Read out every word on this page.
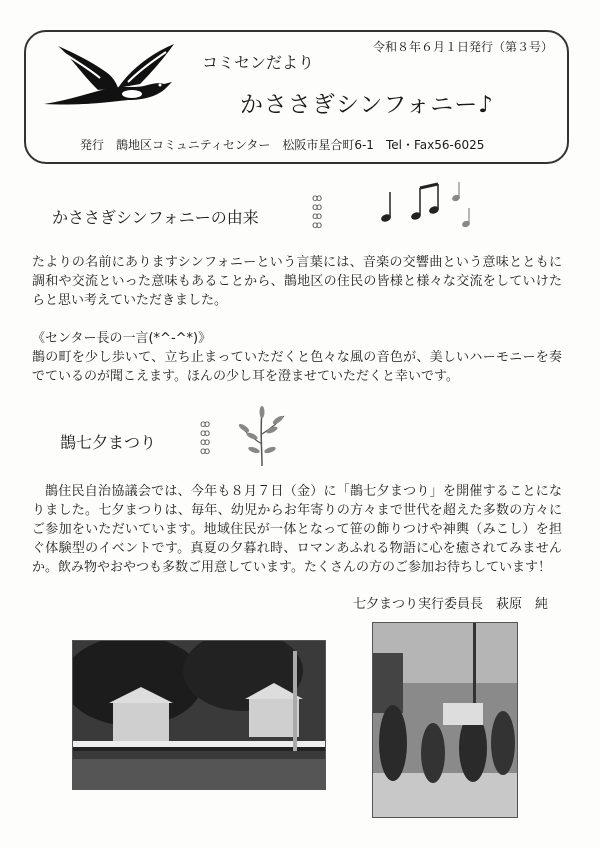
令和８年６月１日発行（第３号）
コミセンだより
かささぎシンフォニー♪
発行 鵲地区コミュニティセンター 松阪市星合町6-1 Tel・Fax56-6025
かささぎシンフォニーの由来
ꝏ
ꝏ
ꝏ
ꝏ

たよりの名前にありますシンフォニーという言葉には、音楽の交響曲という意味とともに調和や交流といった意味もあることから、鵲地区の住民の皆様と様々な交流をしていけたらと思い考えていただきました。

《センター長の一言(*^-^*)》

鵲の町を少し歩いて、立ち止まっていただくと色々な風の音色が、美しいハーモニーを奏でているのが聞こえます。ほんの少し耳を澄ませていただくと幸いです。

鵲七夕まつり
ꝏ
ꝏ
ꝏ
ꝏ

鵲住民自治協議会では、今年も８月７日（金）に「鵲七夕まつり」を開催することになりました。七夕まつりは、毎年、幼児からお年寄りの方々まで世代を超えた多数の方々にご参加をいただいています。地域住民が一体となって笹の飾りつけや神輿（みこし）を担ぐ体験型のイベントです。真夏の夕暮れ時、ロマンあふれる物語に心を癒されてみませんか。飲み物やおやつも多数ご用意しています。たくさんの方のご参加お待ちしています！

七夕まつり実行委員長　萩原　純
